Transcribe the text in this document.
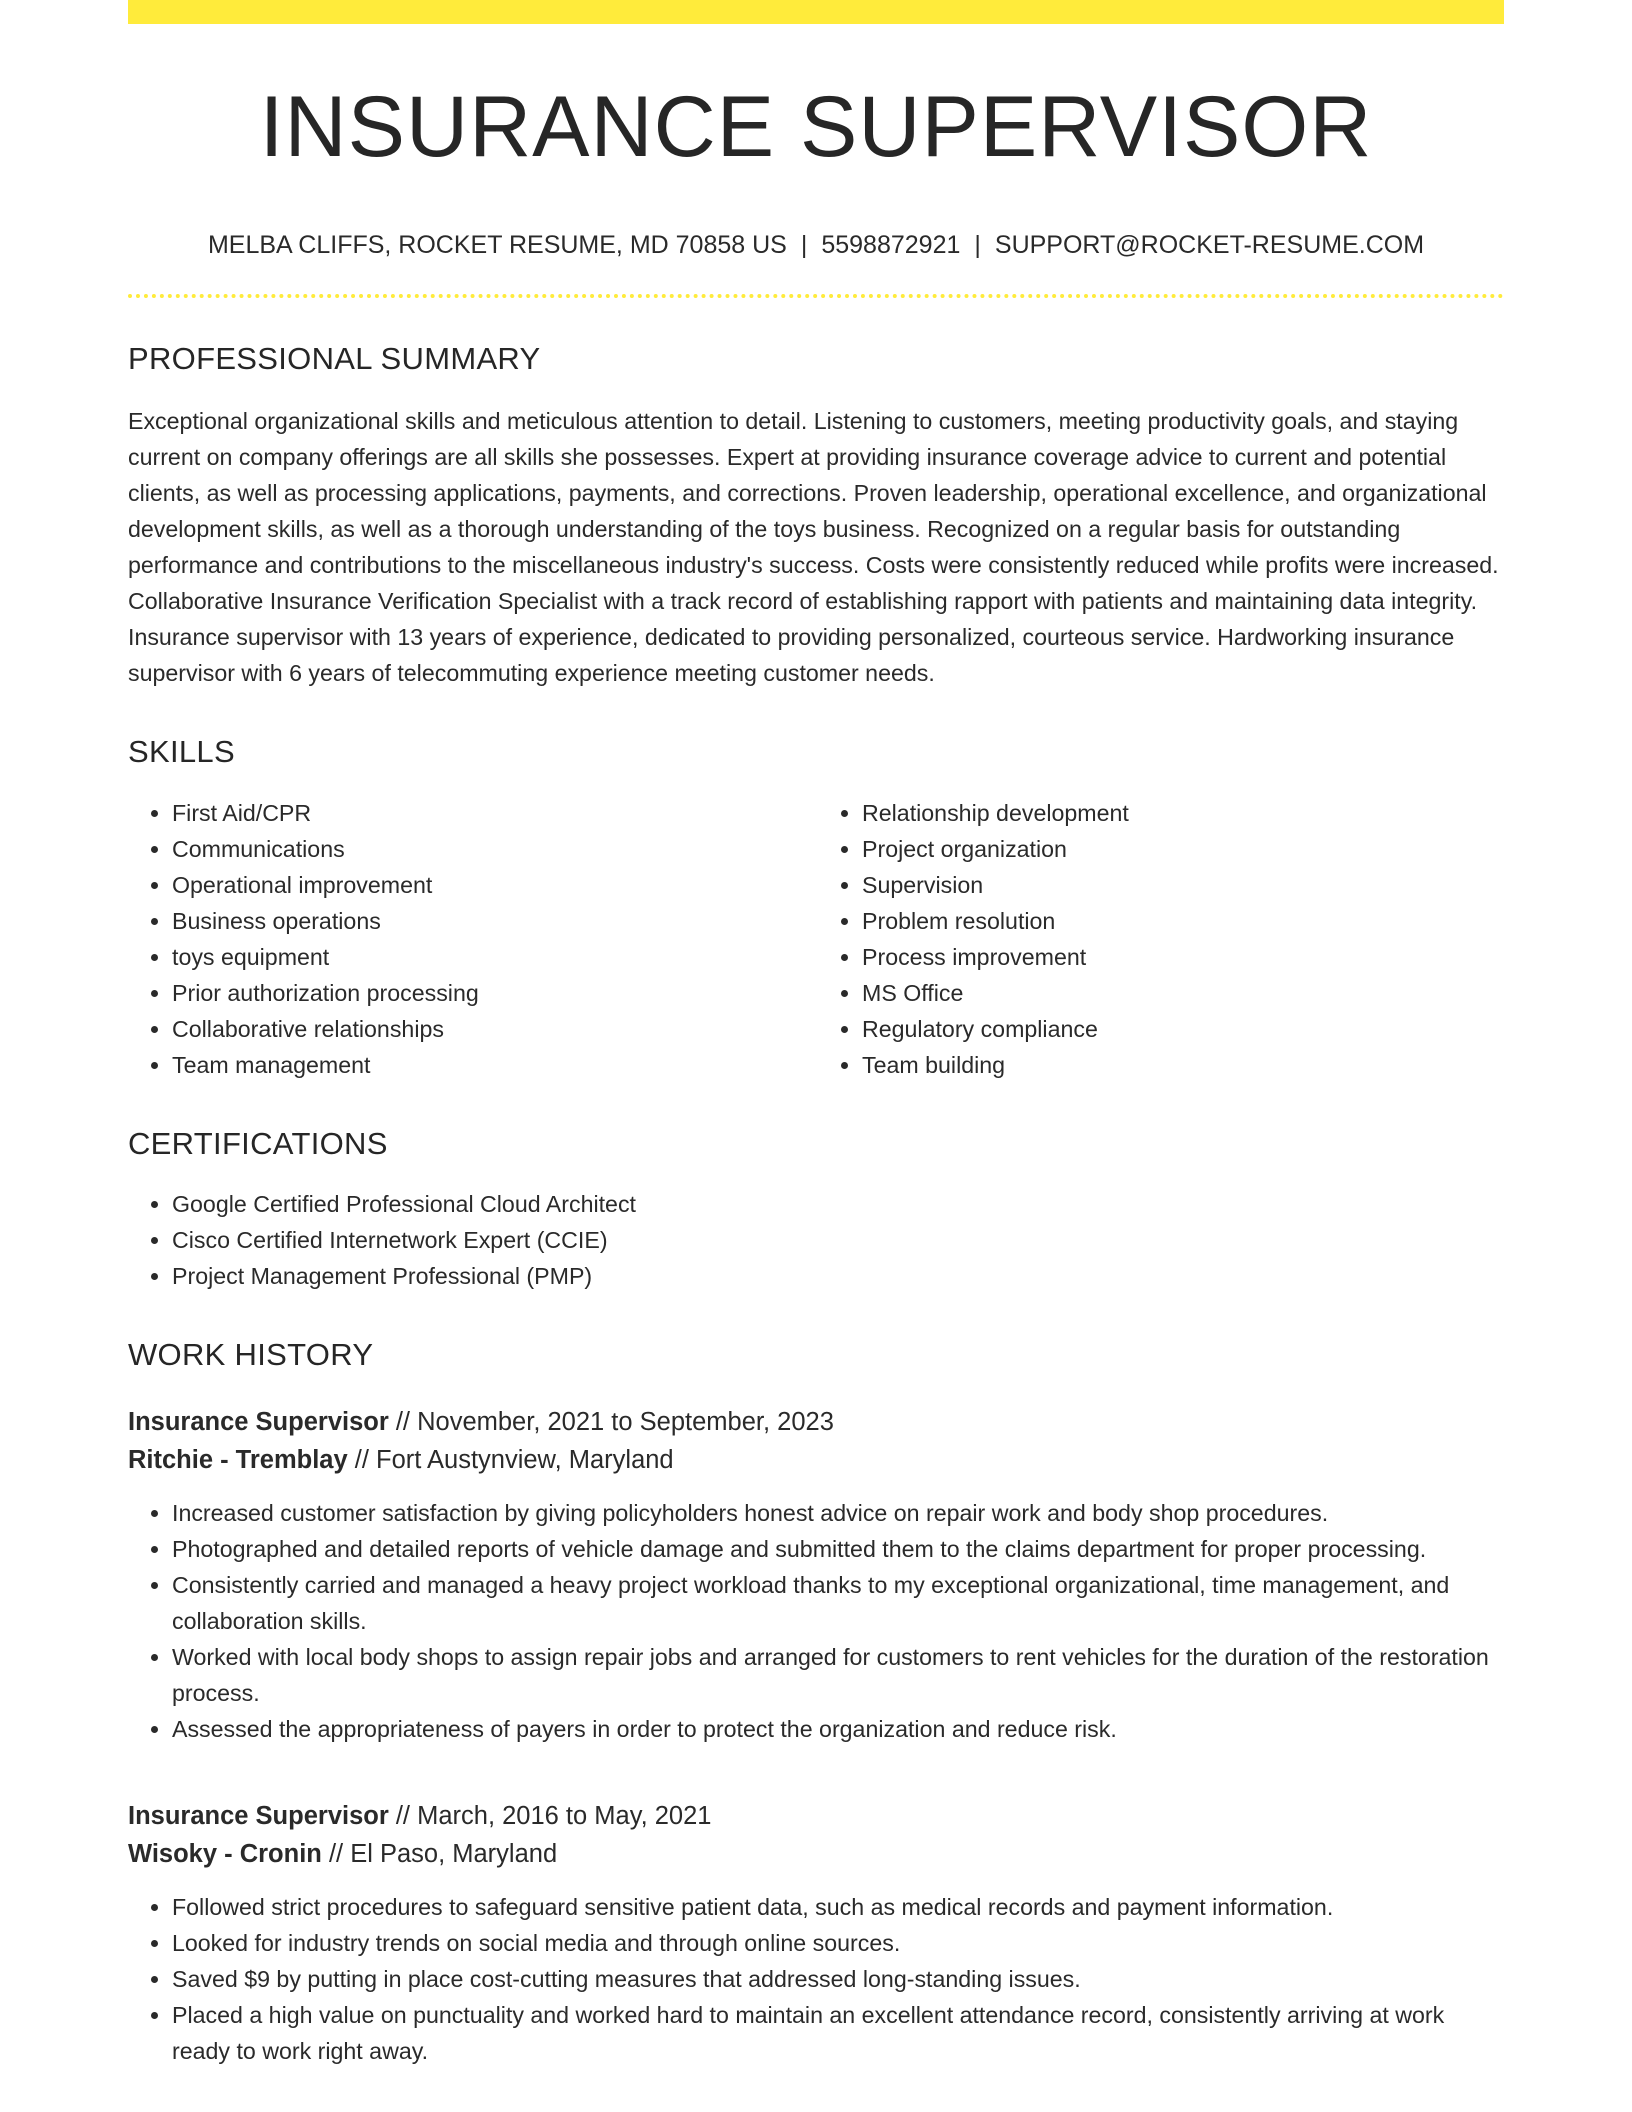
INSURANCE SUPERVISOR
MELBA CLIFFS, ROCKET RESUME, MD 70858 US | 5598872921 | SUPPORT@ROCKET-RESUME.COM
PROFESSIONAL SUMMARY

Exceptional organizational skills and meticulous attention to detail. Listening to customers, meeting productivity goals, and staying current on company offerings are all skills she possesses. Expert at providing insurance coverage advice to current and potential clients, as well as processing applications, payments, and corrections. Proven leadership, operational excellence, and organizational development skills, as well as a thorough understanding of the toys business. Recognized on a regular basis for outstanding performance and contributions to the miscellaneous industry's success. Costs were consistently reduced while profits were increased. Collaborative Insurance Verification Specialist with a track record of establishing rapport with patients and maintaining data integrity. Insurance supervisor with 13 years of experience, dedicated to providing personalized, courteous service. Hardworking insurance supervisor with 6 years of telecommuting experience meeting customer needs.

SKILLS
• First Aid/CPR
• Communications
• Operational improvement
• Business operations
• toys equipment
• Prior authorization processing
• Collaborative relationships
• Team management
• Relationship development
• Project organization
• Supervision
• Problem resolution
• Process improvement
• MS Office
• Regulatory compliance
• Team building
CERTIFICATIONS
• Google Certified Professional Cloud Architect
• Cisco Certified Internetwork Expert (CCIE)
• Project Management Professional (PMP)
WORK HISTORY
Insurance Supervisor // November, 2021 to September, 2023
Ritchie - Tremblay // Fort Austynview, Maryland
• Increased customer satisfaction by giving policyholders honest advice on repair work and body shop procedures.
• Photographed and detailed reports of vehicle damage and submitted them to the claims department for proper processing.
• Consistently carried and managed a heavy project workload thanks to my exceptional organizational, time management, and collaboration skills.
• Worked with local body shops to assign repair jobs and arranged for customers to rent vehicles for the duration of the restoration process.
• Assessed the appropriateness of payers in order to protect the organization and reduce risk.
Insurance Supervisor // March, 2016 to May, 2021
Wisoky - Cronin // El Paso, Maryland
• Followed strict procedures to safeguard sensitive patient data, such as medical records and payment information.
• Looked for industry trends on social media and through online sources.
• Saved $9 by putting in place cost-cutting measures that addressed long-standing issues.
• Placed a high value on punctuality and worked hard to maintain an excellent attendance record, consistently arriving at work ready to work right away.
